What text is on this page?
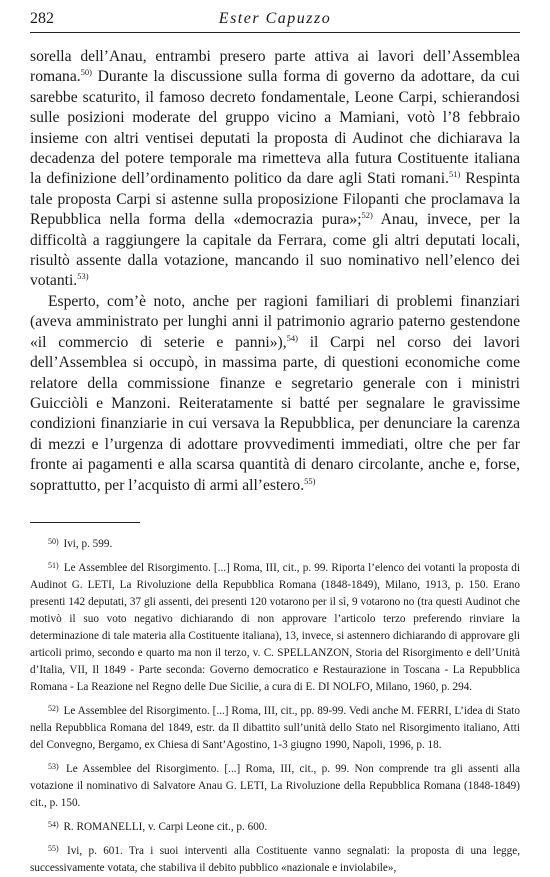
282	Ester Capuzzo

sorella dell’Anau, entrambi presero parte attiva ai lavori dell’Assemblea romana.$^{50)}$ Durante la discussione sulla forma di governo da adottare, da cui sarebbe scaturito, il famoso decreto fondamentale, Leone Carpi, schierandosi sulle posizioni moderate del gruppo vicino a Mamiani, votò l’8 febbraio insieme con altri ventisei deputati la proposta di Audinot che dichiarava la decadenza del potere temporale ma rimetteva alla futura Costituente italiana la definizione dell’ordinamento politico da dare agli Stati romani.$^{51)}$ Respinta tale proposta Carpi si astenne sulla proposizione Filopanti che proclamava la Repubblica nella forma della «democrazia pura»;$^{52)}$ Anau, invece, per la difficoltà a raggiungere la capitale da Ferrara, come gli altri deputati locali, risultò assente dalla votazione, mancando il suo nominativo nell’elenco dei votanti.$^{53)}$

Esperto, com’è noto, anche per ragioni familiari di problemi finanziari (aveva amministrato per lunghi anni il patrimonio agrario paterno gestendone «il commercio di seterie e panni»),$^{54)}$ il Carpi nel corso dei lavori dell’Assemblea si occupò, in massima parte, di questioni economiche come relatore della commissione finanze e segretario generale con i ministri Guicciòli e Manzoni. Reiteratamente si batté per segnalare le gravissime condizioni finanziarie in cui versava la Repubblica, per denunciare la carenza di mezzi e l’urgenza di adottare provvedimenti immediati, oltre che per far fronte ai pagamenti e alla scarsa quantità di denaro circolante, anche e, forse, soprattutto, per l’acquisto di armi all’estero.$^{55)}$

$^{50)}$ Ivi, p. 599.

$^{51)}$ Le Assemblee del Risorgimento. [...] Roma, III, cit., p. 99. Riporta l’elenco dei votanti la proposta di Audinot G. LETI, La Rivoluzione della Repubblica Romana (1848-1849), Milano, 1913, p. 150. Erano presenti 142 deputati, 37 gli assenti, dei presenti 120 votarono per il sì, 9 votarono no (tra questi Audinot che motivò il suo voto negativo dichiarando di non approvare l’articolo terzo preferendo rinviare la determinazione di tale materia alla Costituente italiana), 13, invece, si astennero dichiarando di approvare gli articoli primo, secondo e quarto ma non il terzo, v. C. SPELLANZON, Storia del Risorgimento e dell’Unità d’Italia, VII, Il 1849 - Parte seconda: Governo democratico e Restaurazione in Toscana - La Repubblica Romana - La Reazione nel Regno delle Due Sicilie, a cura di E. DI NOLFO, Milano, 1960, p. 294.

$^{52)}$ Le Assemblee del Risorgimento. [...] Roma, III, cit., pp. 89-99. Vedi anche M. FERRI, L’idea di Stato nella Repubblica Romana del 1849, estr. da Il dibattito sull’unità dello Stato nel Risorgimento italiano, Atti del Convegno, Bergamo, ex Chiesa di Sant’Agostino, 1-3 giugno 1990, Napoli, 1996, p. 18.

$^{53)}$ Le Assemblee del Risorgimento. [...] Roma, III, cit., p. 99. Non comprende tra gli assenti alla votazione il nominativo di Salvatore Anau G. LETI, La Rivoluzione della Repubblica Romana (1848-1849) cit., p. 150.

$^{54)}$ R. ROMANELLI, v. Carpi Leone cit., p. 600.

$^{55)}$ Ivi, p. 601. Tra i suoi interventi alla Costituente vanno segnalati: la proposta di una legge, successivamente votata, che stabiliva il debito pubblico «nazionale e inviolabile»,
